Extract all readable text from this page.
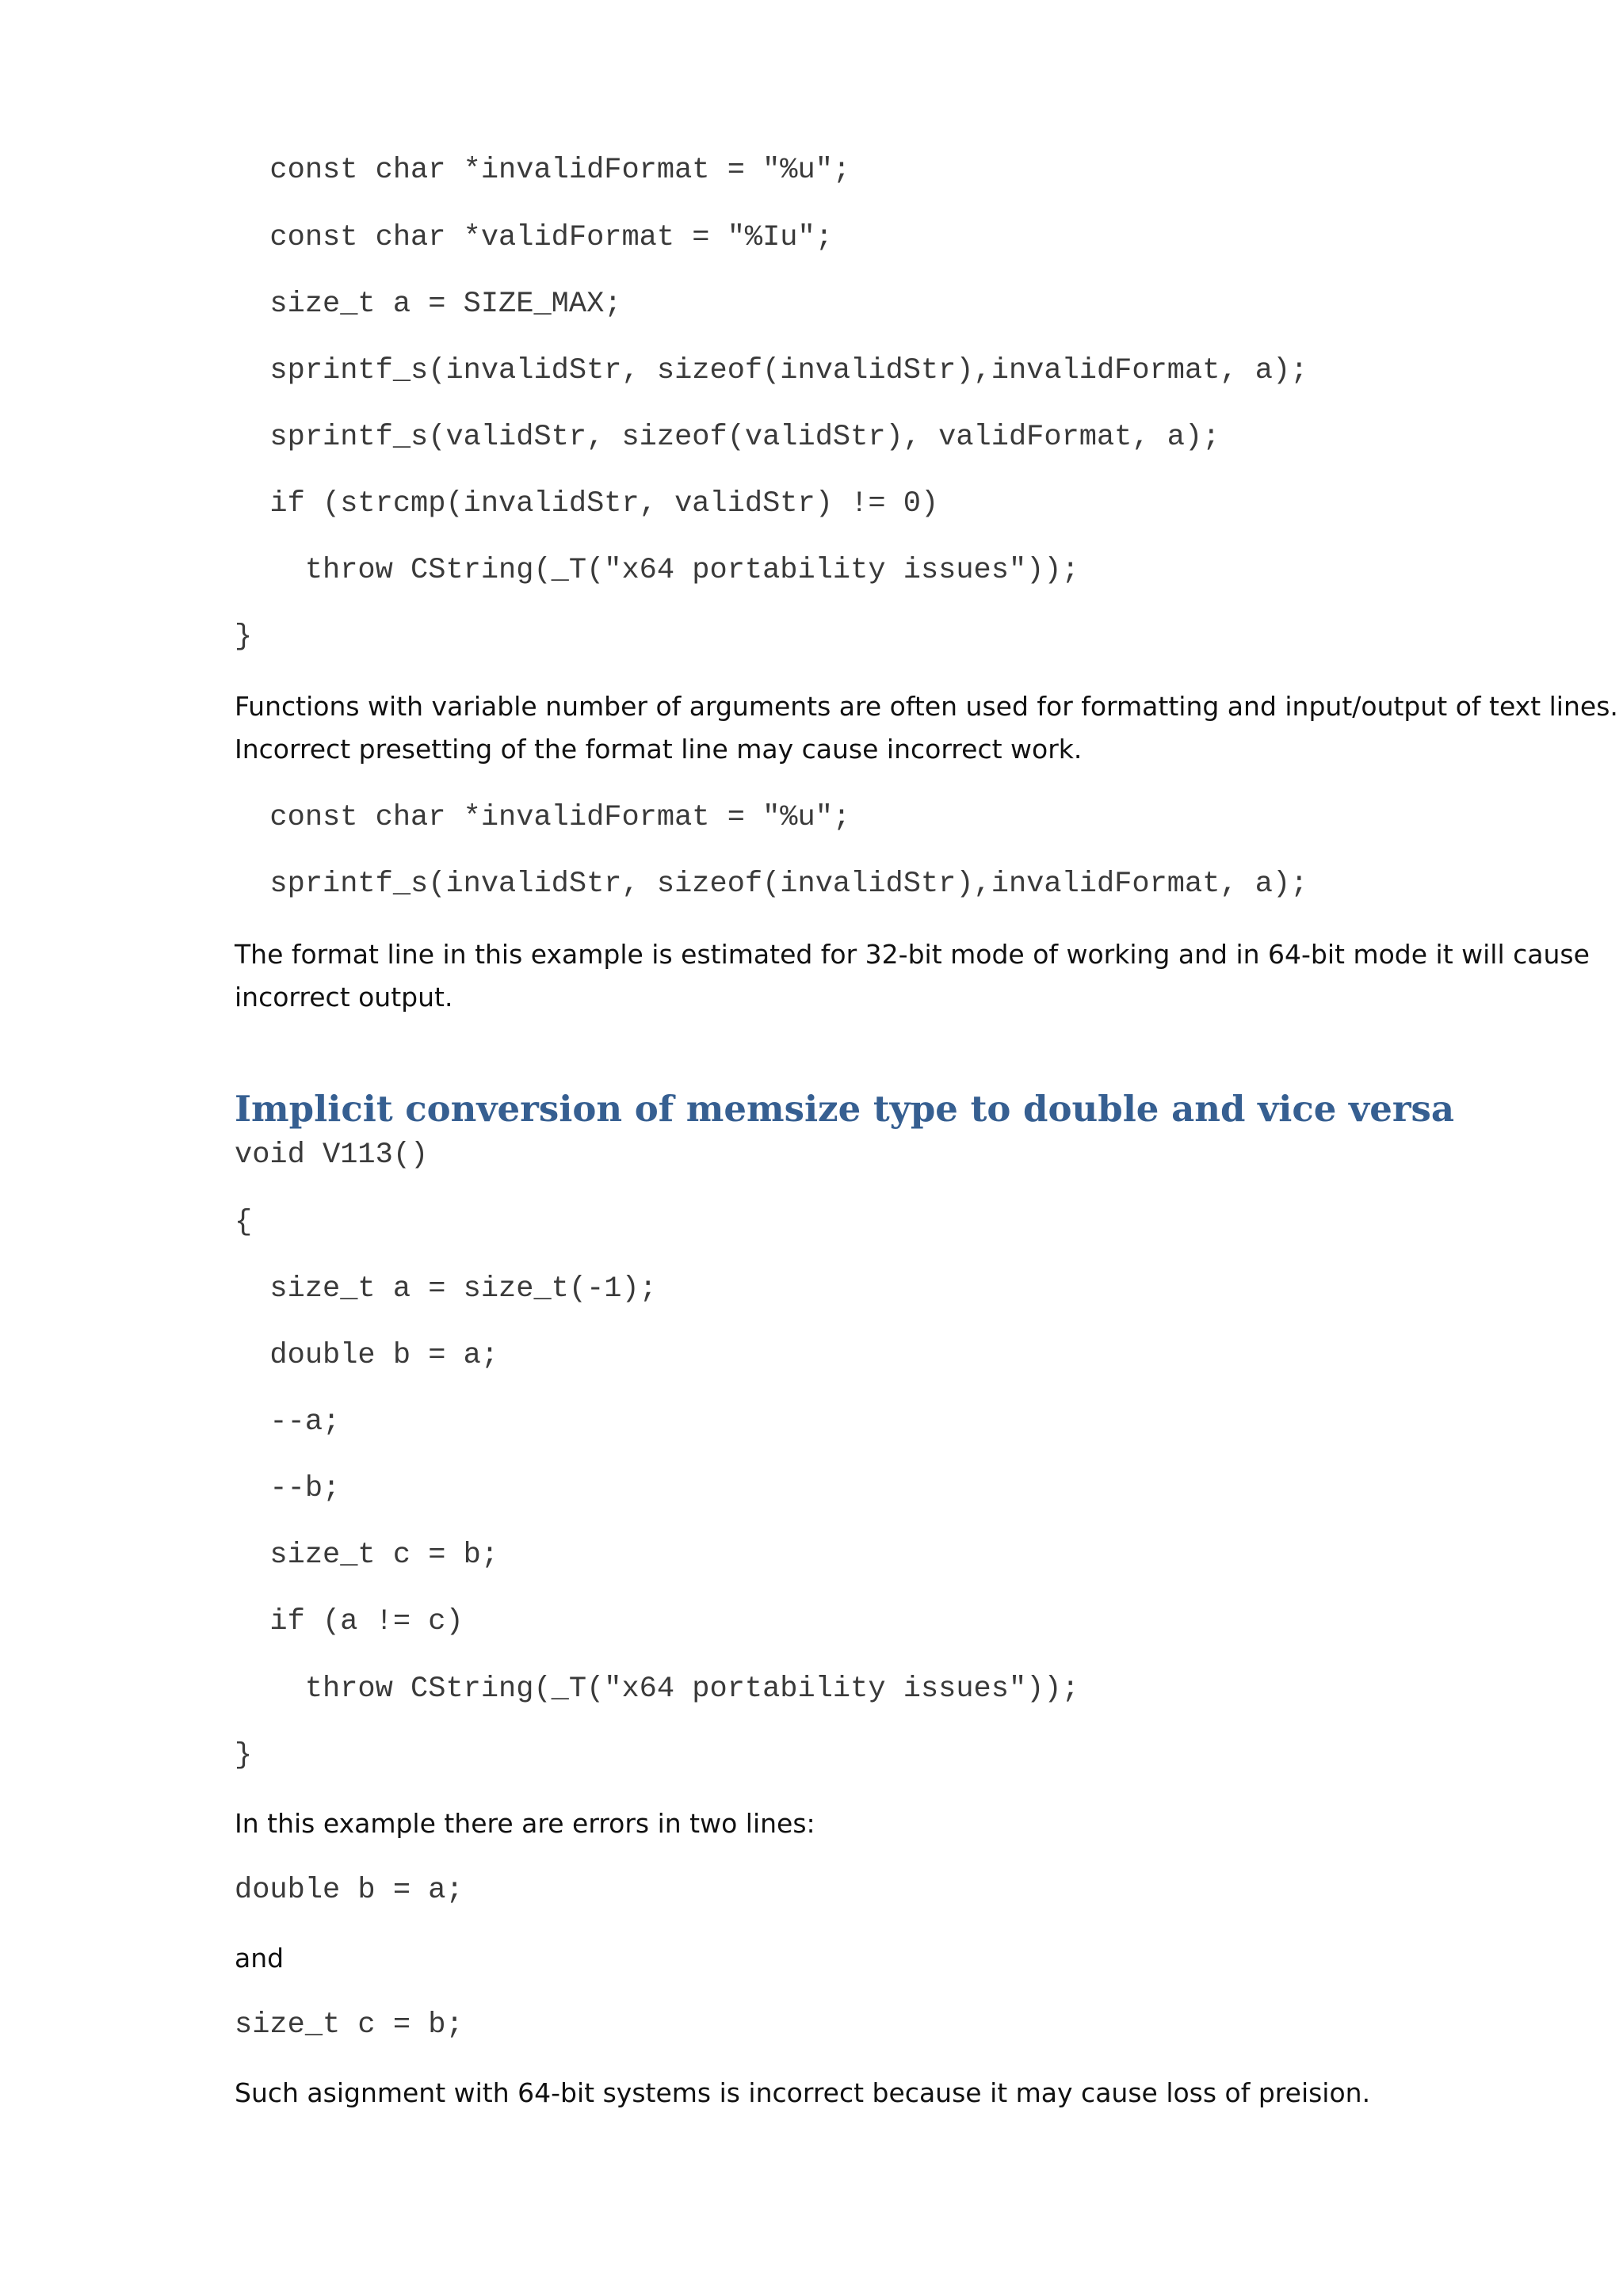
const char *invalidFormat = "%u";
const char *validFormat = "%Iu";
size_t a = SIZE_MAX;
sprintf_s(invalidStr, sizeof(invalidStr),invalidFormat, a);
sprintf_s(validStr, sizeof(validStr), validFormat, a);
if (strcmp(invalidStr, validStr) != 0)
throw CString(_T("x64 portability issues"));
}

Functions with variable number of arguments are often used for formatting and input/output of text lines. Incorrect presetting of the format line may cause incorrect work.

const char *invalidFormat = "%u";
sprintf_s(invalidStr, sizeof(invalidStr),invalidFormat, a);

The format line in this example is estimated for 32-bit mode of working and in 64-bit mode it will cause incorrect output.

Implicit conversion of memsize type to double and vice versa
void V113()
{
size_t a = size_t(-1);
double b = a;
--a;
--b;
size_t c = b;
if (a != c)
throw CString(_T("x64 portability issues"));
}

In this example there are errors in two lines:

double b = a;

and

size_t c = b;

Such asignment with 64-bit systems is incorrect because it may cause loss of preision.
